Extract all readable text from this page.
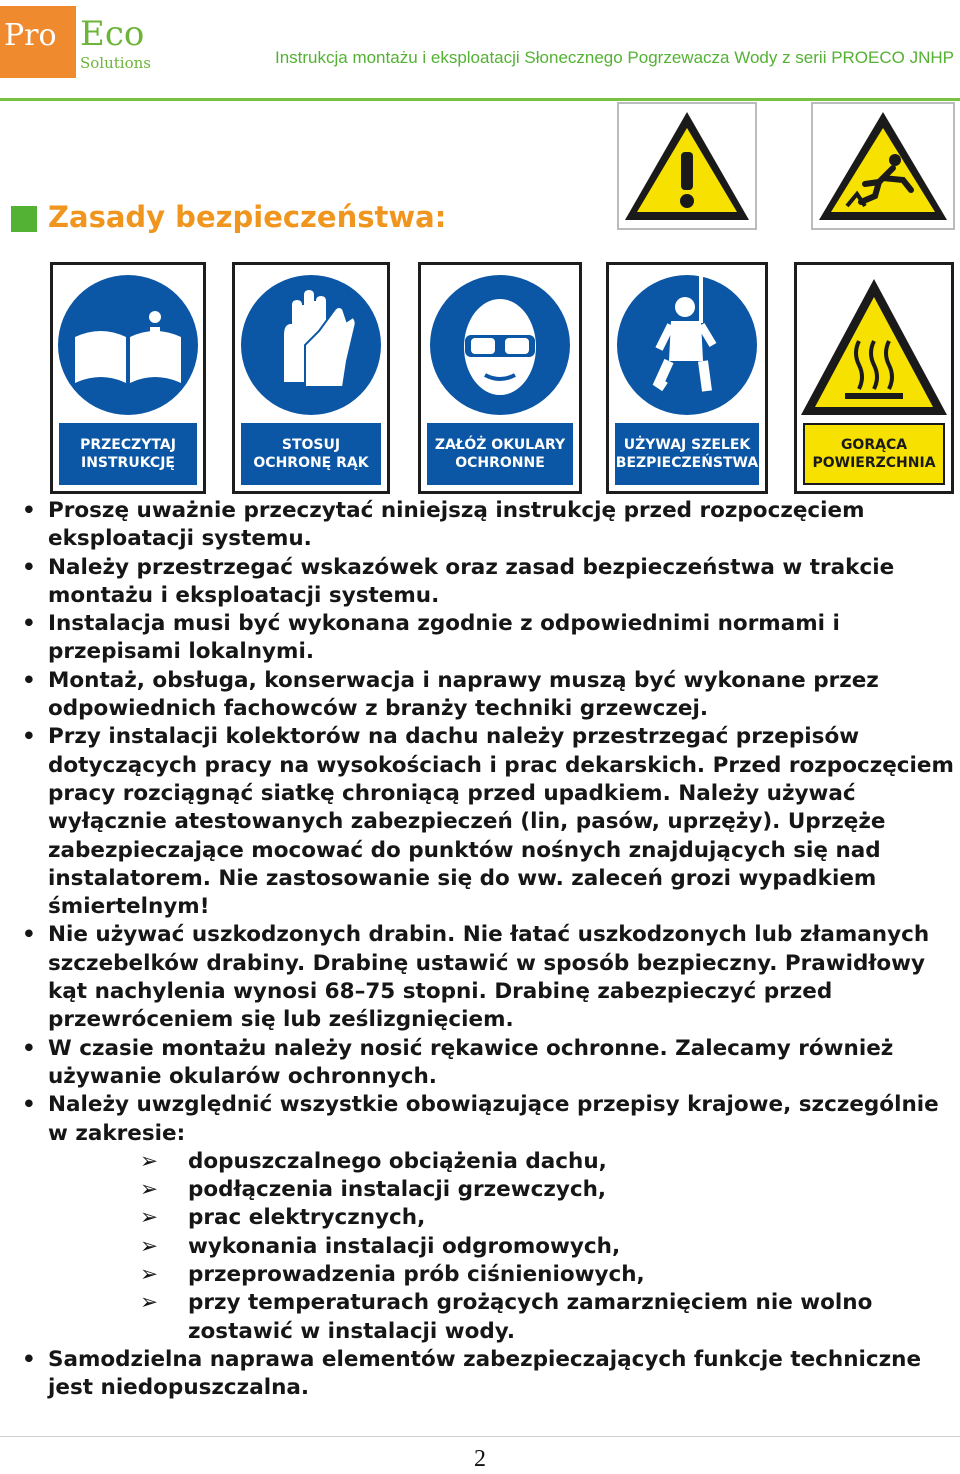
Pro Eco
Solutions	Instrukcja montażu i eksploatacji Słonecznego Pogrzewacza Wody z serii PROECO JNHP
Zasady bezpieczeństwa:
PRZECZYTAJ INSTRUKCJĘ
STOSUJ OCHRONĘ RĄK
ZAŁÓŻ OKULARY OCHRONNE
UŻYWAJ SZELEK BEZPIECZEŃSTWA
GORĄCA POWIERZCHNIA
• Proszę uważnie przeczytać niniejszą instrukcję przed rozpoczęciem eksploatacji systemu.
• Należy przestrzegać wskazówek oraz zasad bezpieczeństwa w trakcie montażu i eksploatacji systemu.
• Instalacja musi być wykonana zgodnie z odpowiednimi normami i przepisami lokalnymi.
• Montaż, obsługa, konserwacja i naprawy muszą być wykonane przez odpowiednich fachowców z branży techniki grzewczej.
• Przy instalacji kolektorów na dachu należy przestrzegać przepisów dotyczących pracy na wysokościach i prac dekarskich. Przed rozpoczęciem pracy rozciągnąć siatkę chroniącą przed upadkiem. Należy używać wyłącznie atestowanych zabezpieczeń (lin, pasów, uprzęży). Uprzęże zabezpieczające mocować do punktów nośnych znajdujących się nad instalatorem. Nie zastosowanie się do ww. zaleceń grozi wypadkiem śmiertelnym!
• Nie używać uszkodzonych drabin. Nie łatać uszkodzonych lub złamanych szczebelków drabiny. Drabinę ustawić w sposób bezpieczny. Prawidłowy kąt nachylenia wynosi 68–75 stopni. Drabinę zabezpieczyć przed przewróceniem się lub ześlizgnięciem.
• W czasie montażu należy nosić rękawice ochronne. Zalecamy również używanie okularów ochronnych.
• Należy uwzględnić wszystkie obowiązujące przepisy krajowe, szczególnie w zakresie:
➢ dopuszczalnego obciążenia dachu,
➢ podłączenia instalacji grzewczych,
➢ prac elektrycznych,
➢ wykonania instalacji odgromowych,
➢ przeprowadzenia prób ciśnieniowych,
➢ przy temperaturach grożących zamarznięciem nie wolno zostawić w instalacji wody.
• Samodzielna naprawa elementów zabezpieczających funkcje techniczne jest niedopuszczalna.
2
